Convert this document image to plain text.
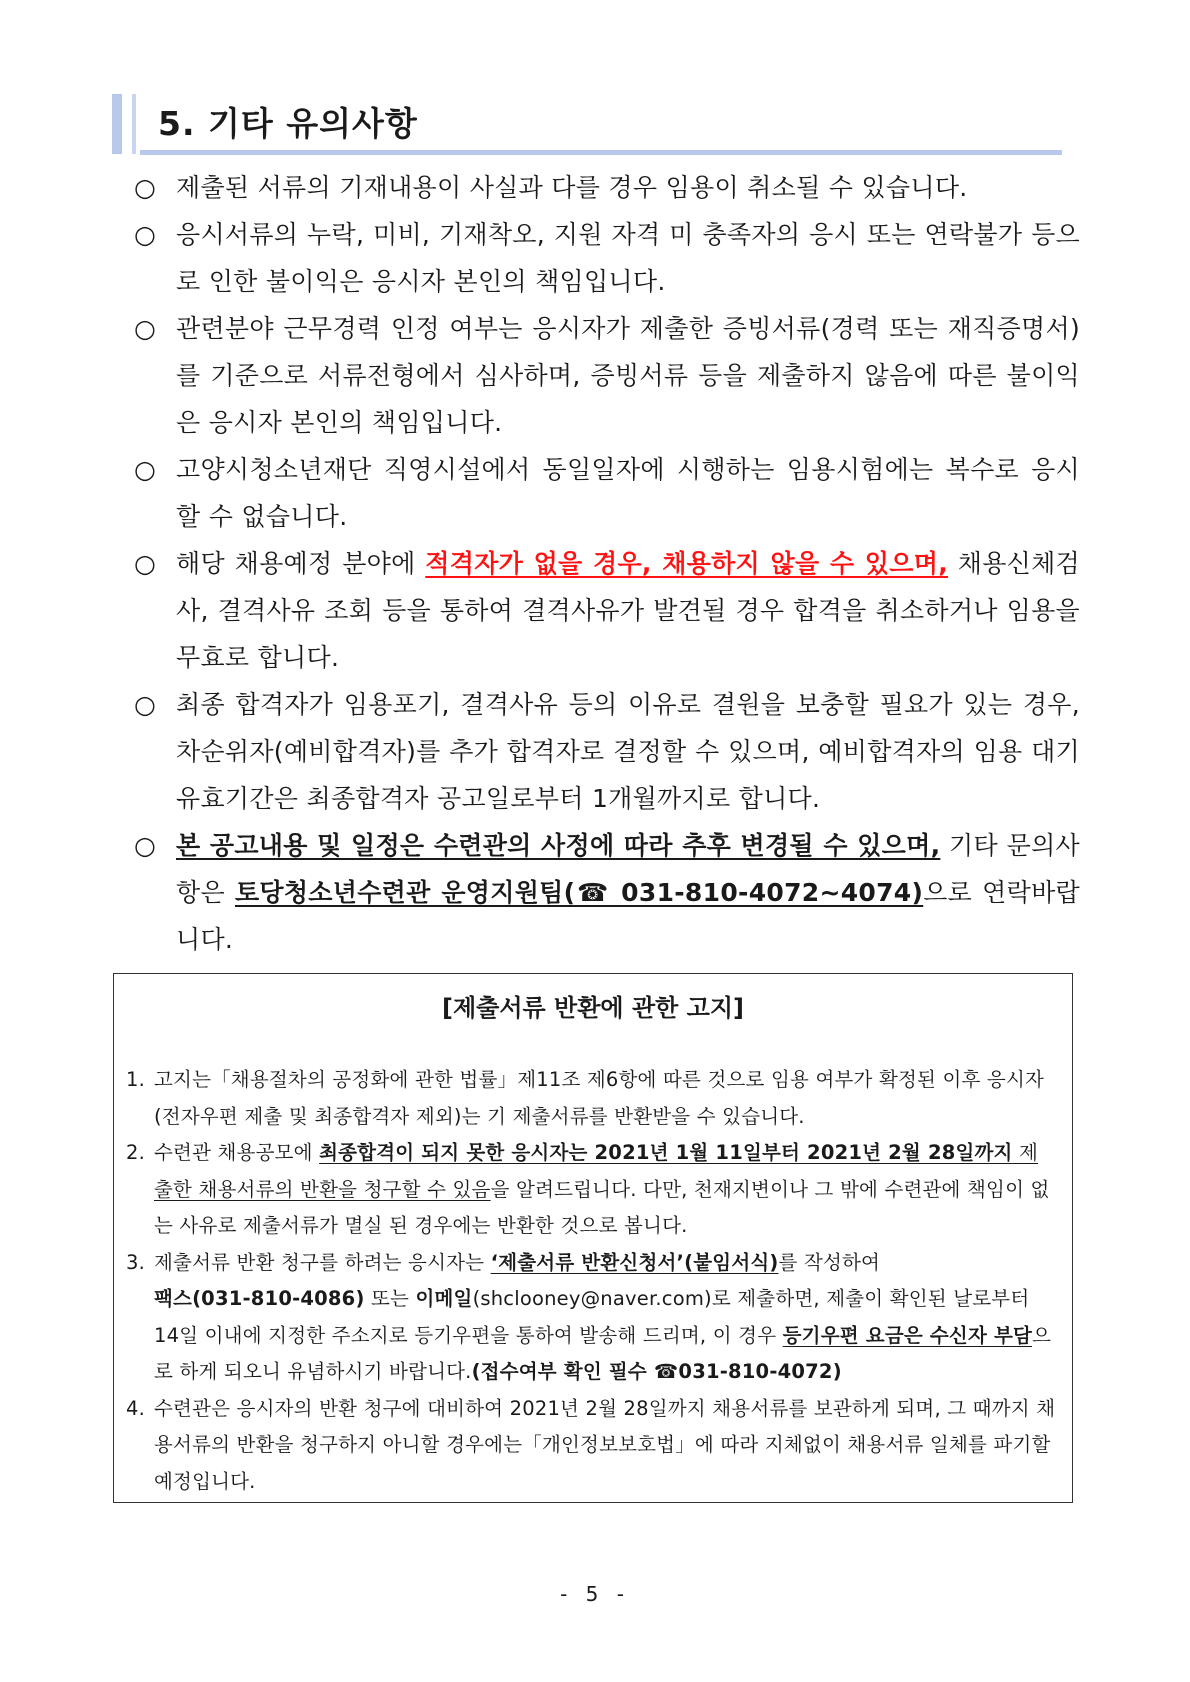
5. 기타 유의사항
○ 제출된 서류의 기재내용이 사실과 다를 경우 임용이 취소될 수 있습니다.
○ 응시서류의 누락, 미비, 기재착오, 지원 자격 미 충족자의 응시 또는 연락불가 등으로 인한 불이익은 응시자 본인의 책임입니다.
○ 관련분야 근무경력 인정 여부는 응시자가 제출한 증빙서류(경력 또는 재직증명서)를 기준으로 서류전형에서 심사하며, 증빙서류 등을 제출하지 않음에 따른 불이익은 응시자 본인의 책임입니다.
○ 고양시청소년재단 직영시설에서 동일일자에 시행하는 임용시험에는 복수로 응시할 수 없습니다.
○ 해당 채용예정 분야에 적격자가 없을 경우, 채용하지 않을 수 있으며, 채용신체검사, 결격사유 조회 등을 통하여 결격사유가 발견될 경우 합격을 취소하거나 임용을 무효로 합니다.
○ 최종 합격자가 임용포기, 결격사유 등의 이유로 결원을 보충할 필요가 있는 경우, 차순위자(예비합격자)를 추가 합격자로 결정할 수 있으며, 예비합격자의 임용 대기 유효기간은 최종합격자 공고일로부터 1개월까지로 합니다.
○ 본 공고내용 및 일정은 수련관의 사정에 따라 추후 변경될 수 있으며, 기타 문의사항은 토당청소년수련관 운영지원팀(☎ 031-810-4072~4074)으로 연락바랍니다.
[제출서류 반환에 관한 고지]
1. 고지는「채용절차의 공정화에 관한 법률」제11조 제6항에 따른 것으로 임용 여부가 확정된 이후 응시자(전자우편 제출 및 최종합격자 제외)는 기 제출서류를 반환받을 수 있습니다.
2. 수련관 채용공모에 최종합격이 되지 못한 응시자는 2021년 1월 11일부터 2021년 2월 28일까지 제출한 채용서류의 반환을 청구할 수 있음을 알려드립니다. 다만, 천재지변이나 그 밖에 수련관에 책임이 없는 사유로 제출서류가 멸실 된 경우에는 반환한 것으로 봅니다.
3. 제출서류 반환 청구를 하려는 응시자는 ‘제출서류 반환신청서’(붙임서식)를 작성하여
팩스(031-810-4086) 또는 이메일(shclooney@naver.com)로 제출하면, 제출이 확인된 날로부터 14일 이내에 지정한 주소지로 등기우편을 통하여 발송해 드리며, 이 경우 등기우편 요금은 수신자 부담으로 하게 되오니 유념하시기 바랍니다.(접수여부 확인 필수 ☎031-810-4072)
4. 수련관은 응시자의 반환 청구에 대비하여 2021년 2월 28일까지 채용서류를 보관하게 되며, 그 때까지 채용서류의 반환을 청구하지 아니할 경우에는「개인정보보호법」에 따라 지체없이 채용서류 일체를 파기할 예정입니다.
- 5 -
